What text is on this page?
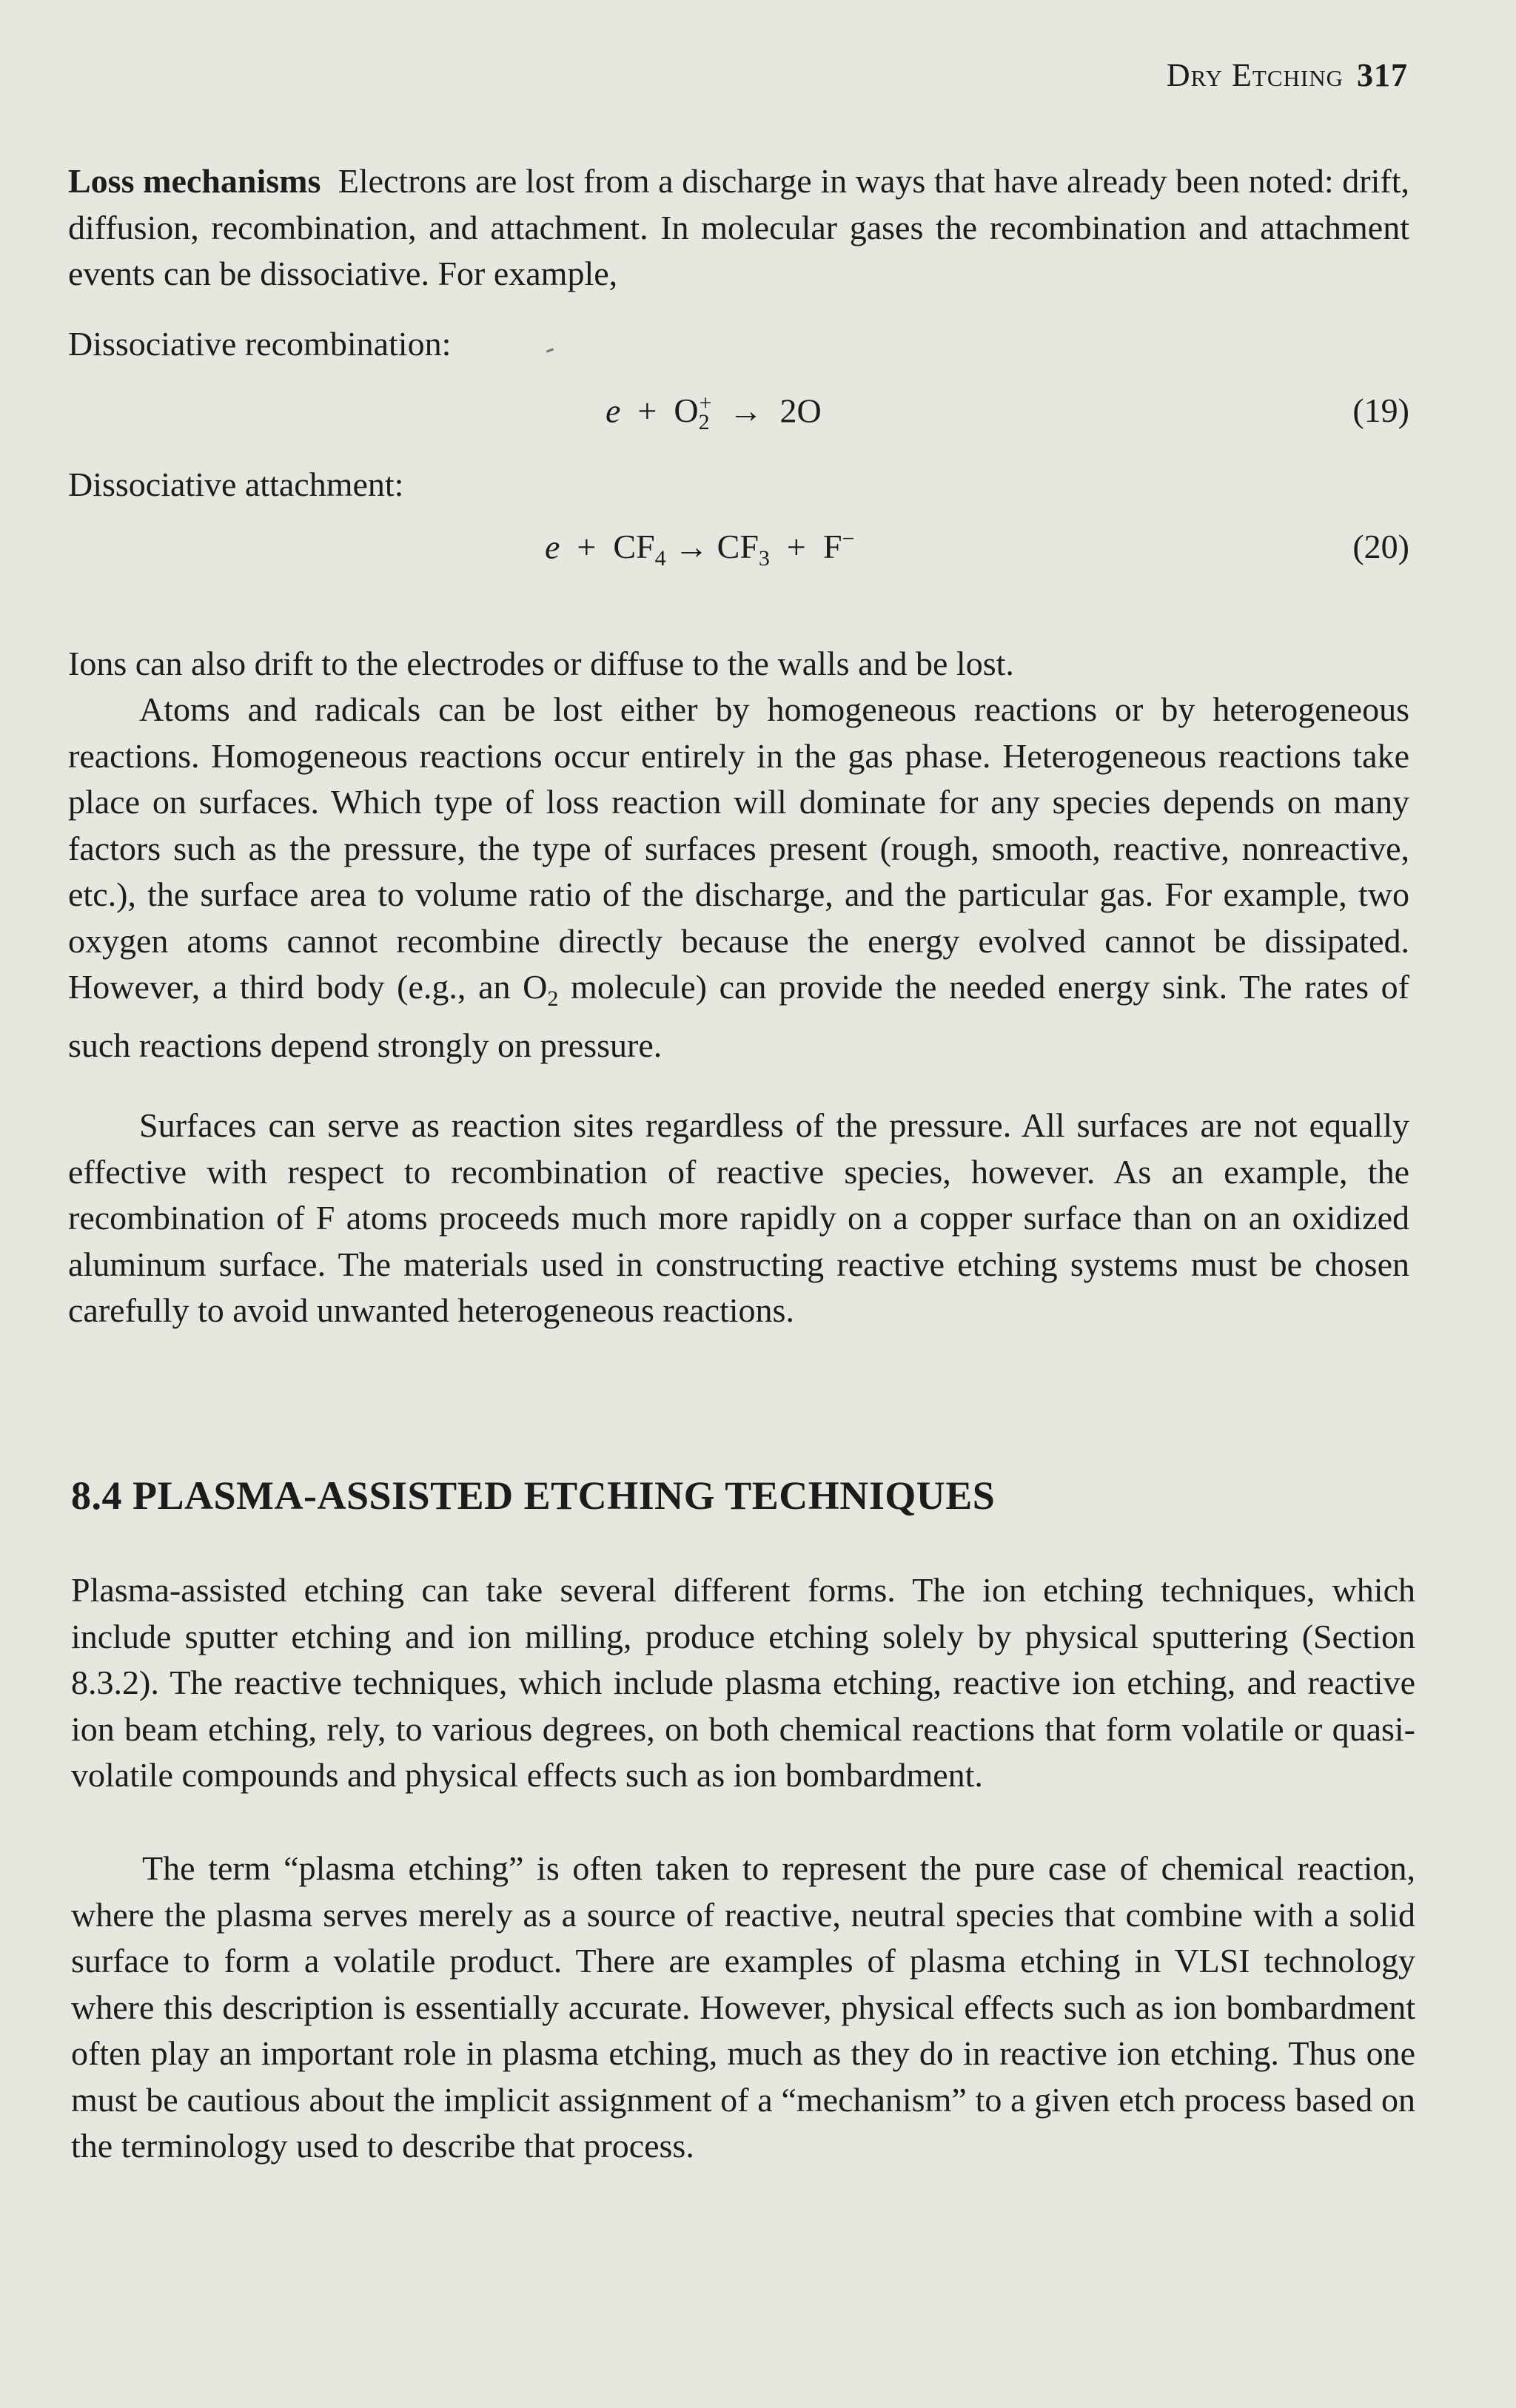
Dry Etching 317

Loss mechanisms Electrons are lost from a discharge in ways that have already been noted: drift, diffusion, recombination, and attachment. In molecular gases the recombination and attachment events can be dissociative. For example,

Dissociative recombination:
$e + O_2^+ \to 2O$	(19)
Dissociative attachment:
$e + CF_4 \to CF_3 + F^-$	(20)

Ions can also drift to the electrodes or diffuse to the walls and be lost.

Atoms and radicals can be lost either by homogeneous reactions or by heterogeneous reactions. Homogeneous reactions occur entirely in the gas phase. Heterogeneous reactions take place on surfaces. Which type of loss reaction will dominate for any species depends on many factors such as the pressure, the type of surfaces present (rough, smooth, reactive, nonreactive, etc.), the surface area to volume ratio of the discharge, and the particular gas. For example, two oxygen atoms cannot recombine directly because the energy evolved cannot be dissipated. However, a third body (e.g., an $O_2$ molecule) can provide the needed energy sink. The rates of such reactions depend strongly on pressure.

Surfaces can serve as reaction sites regardless of the pressure. All surfaces are not equally effective with respect to recombination of reactive species, however. As an example, the recombination of F atoms proceeds much more rapidly on a copper surface than on an oxidized aluminum surface. The materials used in constructing reactive etching systems must be chosen carefully to avoid unwanted heterogeneous reactions.

8.4 PLASMA-ASSISTED ETCHING TECHNIQUES

Plasma-assisted etching can take several different forms. The ion etching techniques, which include sputter etching and ion milling, produce etching solely by physical sputtering (Section 8.3.2). The reactive techniques, which include plasma etching, reactive ion etching, and reactive ion beam etching, rely, to various degrees, on both chemical reactions that form volatile or quasi-volatile compounds and physical effects such as ion bombardment.

The term “plasma etching” is often taken to represent the pure case of chemical reaction, where the plasma serves merely as a source of reactive, neutral species that combine with a solid surface to form a volatile product. There are examples of plasma etching in VLSI technology where this description is essentially accurate. However, physical effects such as ion bombardment often play an important role in plasma etching, much as they do in reactive ion etching. Thus one must be cautious about the implicit assignment of a “mechanism” to a given etch process based on the terminology used to describe that process.
